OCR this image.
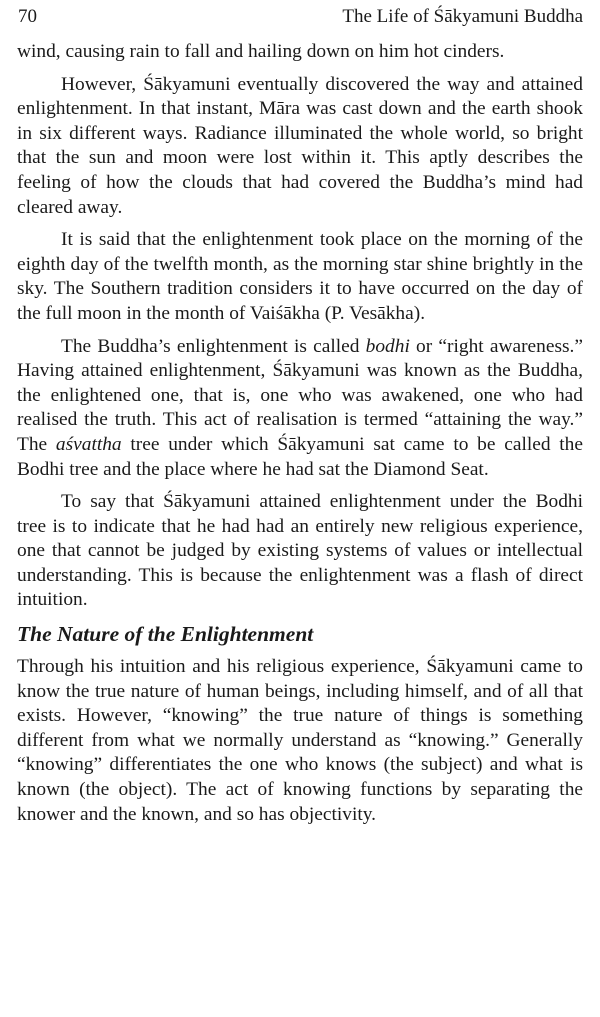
70	The Life of Śākyamuni Buddha

wind, causing rain to fall and hailing down on him hot cinders.

However, Śākyamuni eventually discovered the way and attained enlightenment. In that instant, Māra was cast down and the earth shook in six different ways. Radiance illuminated the whole world, so bright that the sun and moon were lost within it. This aptly describes the feeling of how the clouds that had covered the Buddha’s mind had cleared away.

It is said that the enlightenment took place on the morning of the eighth day of the twelfth month, as the morning star shine brightly in the sky. The Southern tradition considers it to have occurred on the day of the full moon in the month of Vaiśākha (P. Vesākha).

The Buddha’s enlightenment is called bodhi or “right awareness.” Having attained enlightenment, Śākyamuni was known as the Buddha, the enlightened one, that is, one who was awakened, one who had realised the truth. This act of realisation is termed “attaining the way.” The aśvattha tree under which Śākyamuni sat came to be called the Bodhi tree and the place where he had sat the Diamond Seat.

To say that Śākyamuni attained enlightenment under the Bodhi tree is to indicate that he had had an entirely new religious experience, one that cannot be judged by existing systems of values or intellectual understanding. This is because the enlightenment was a flash of direct intuition.

The Nature of the Enlightenment

Through his intuition and his religious experience, Śākyamuni came to know the true nature of human beings, including himself, and of all that exists. However, “knowing” the true nature of things is something different from what we normally understand as “knowing.” Generally “knowing” differentiates the one who knows (the subject) and what is known (the object). The act of knowing functions by separating the knower and the known, and so has objectivity.
